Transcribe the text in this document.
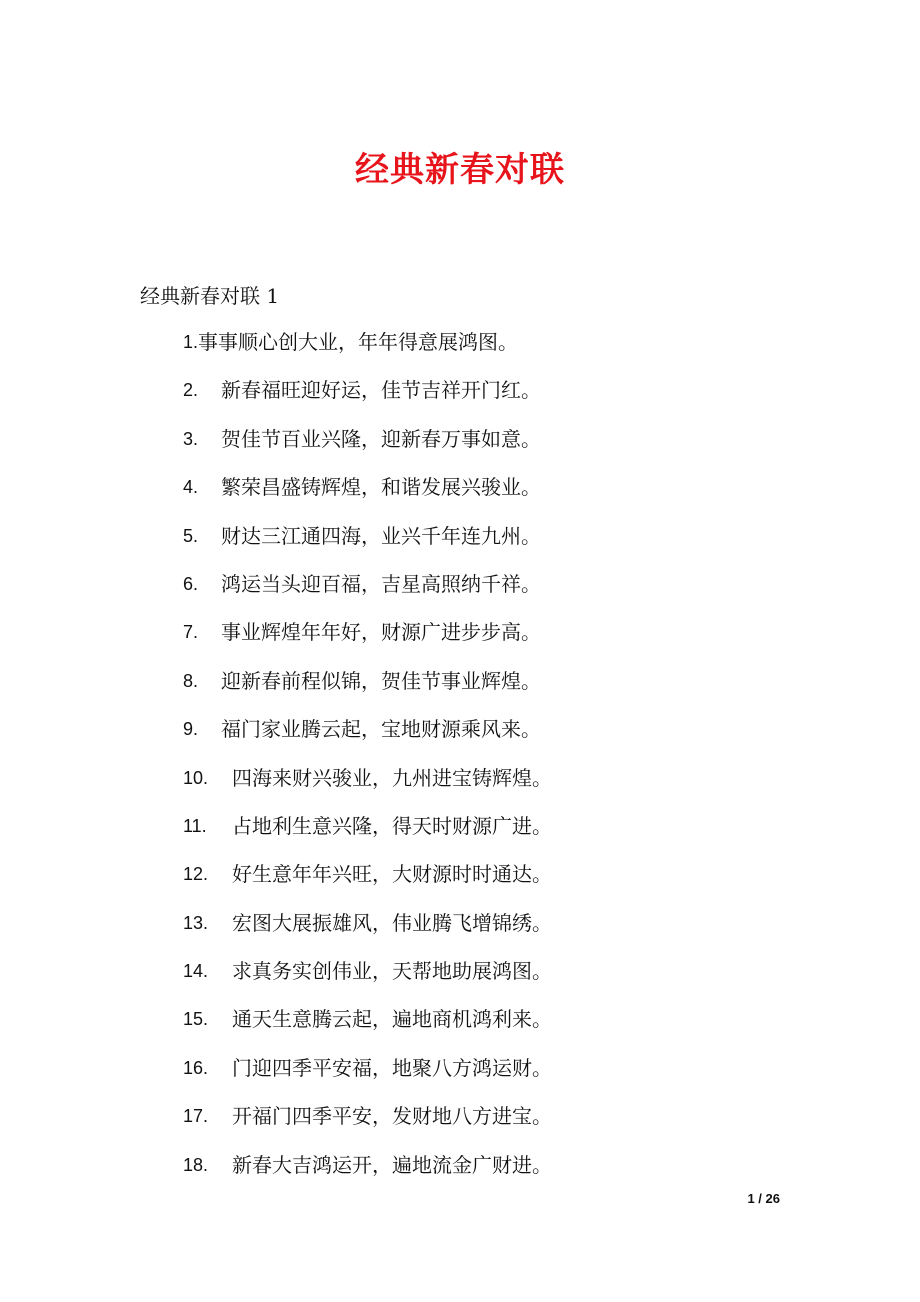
经典新春对联
经典新春对联 1
1. 事事顺心创大业，年年得意展鸿图。
2.	新春福旺迎好运，佳节吉祥开门红。
3.	贺佳节百业兴隆，迎新春万事如意。
4.	繁荣昌盛铸辉煌，和谐发展兴骏业。
5.	财达三江通四海，业兴千年连九州。
6.	鸿运当头迎百福，吉星高照纳千祥。
7.	事业辉煌年年好，财源广进步步高。
8.	迎新春前程似锦，贺佳节事业辉煌。
9.	福门家业腾云起，宝地财源乘风来。
10.	四海来财兴骏业，九州进宝铸辉煌。
11.	占地利生意兴隆，得天时财源广进。
12.	好生意年年兴旺，大财源时时通达。
13.	宏图大展振雄风，伟业腾飞增锦绣。
14.	求真务实创伟业，天帮地助展鸿图。
15.	通天生意腾云起，遍地商机鸿利来。
16.	门迎四季平安福，地聚八方鸿运财。
17.	开福门四季平安，发财地八方进宝。
18.	新春大吉鸿运开，遍地流金广财进。
1 / 26
